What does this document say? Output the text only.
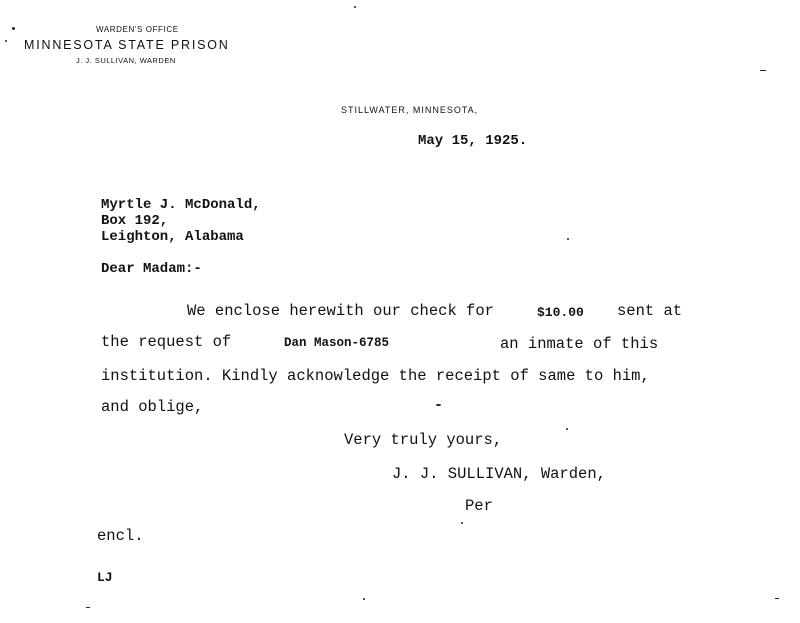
WARDEN'S OFFICE
MINNESOTA STATE PRISON
J. J. SULLIVAN, WARDEN
STILLWATER, MINNESOTA,
May 15, 1925.
Myrtle J. McDonald,
Box 192,
Leighton, Alabama
Dear Madam:-
We enclose herewith our check for	$10.00 sent at
the request of	Dan Mason-6785	an inmate of this
institution. Kindly acknowledge the receipt of same to him,
and oblige,
Very truly yours,
J. J. SULLIVAN, Warden,
Per
encl.
LJ
